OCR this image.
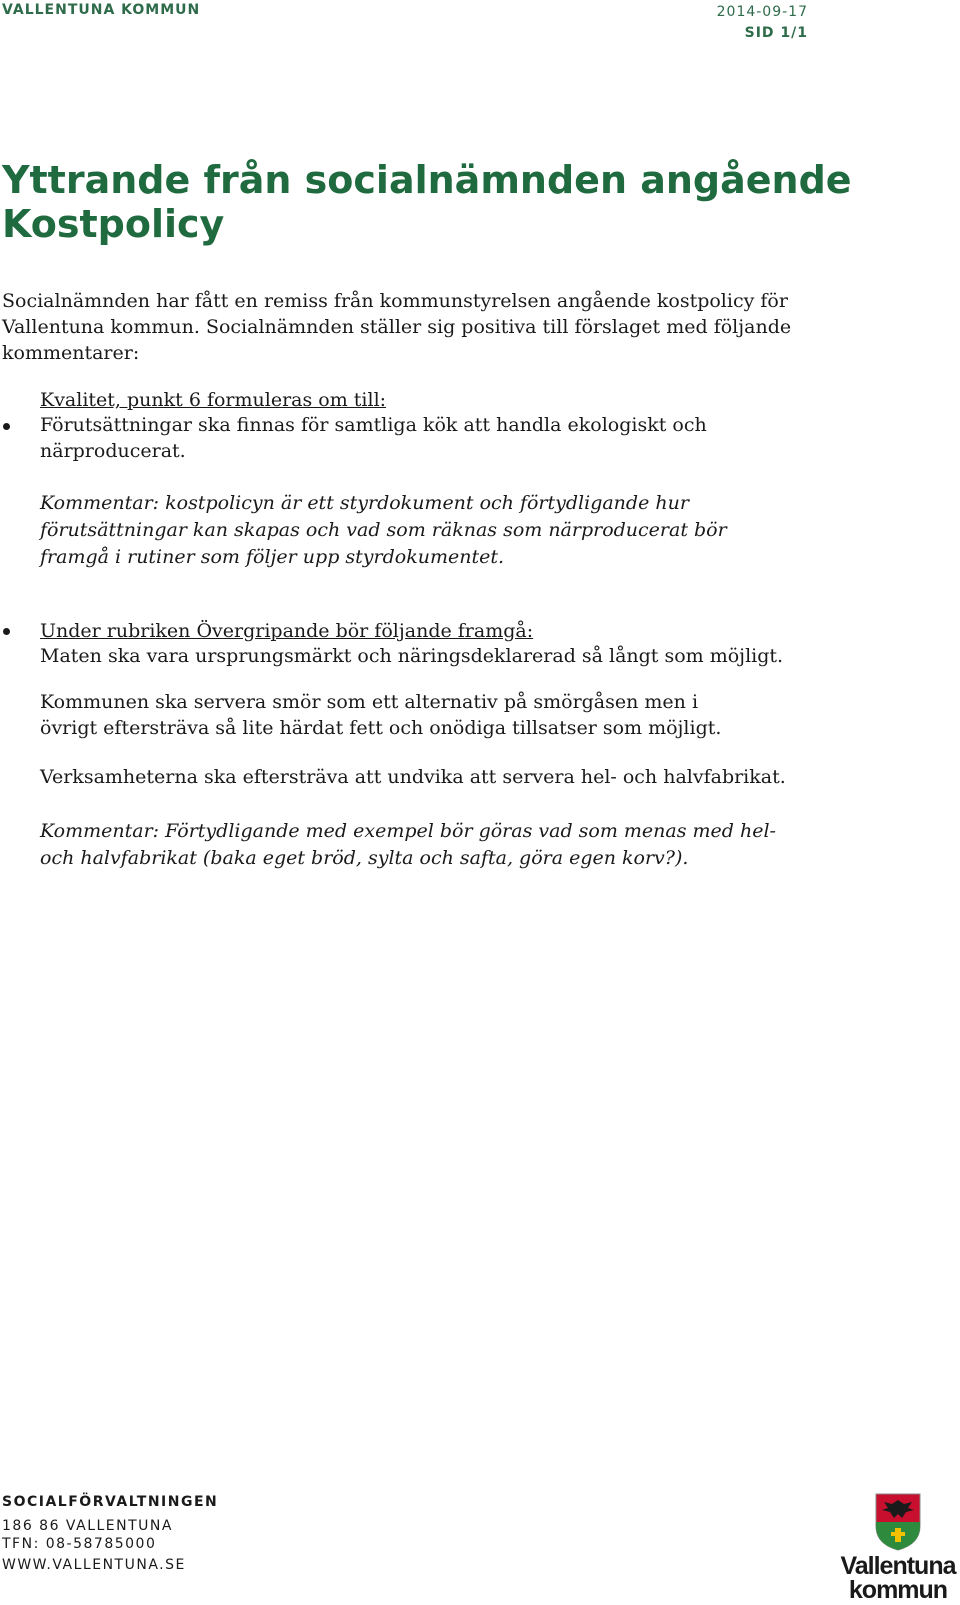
VALLENTUNA KOMMUN	2014-09-17
SID 1/1
Yttrande från socialnämnden angående Kostpolicy

Socialnämnden har fått en remiss från kommunstyrelsen angående kostpolicy för Vallentuna kommun. Socialnämnden ställer sig positiva till förslaget med följande kommentarer:

Kvalitet, punkt 6 formuleras om till:

Förutsättningar ska finnas för samtliga kök att handla ekologiskt och närproducerat.

Kommentar: kostpolicyn är ett styrdokument och förtydligande hur förutsättningar kan skapas och vad som räknas som närproducerat bör framgå i rutiner som följer upp styrdokumentet.

Under rubriken Övergripande bör följande framgå:

Maten ska vara ursprungsmärkt och näringsdeklarerad så långt som möjligt.

Kommunen ska servera smör som ett alternativ på smörgåsen men i övrigt eftersträva så lite härdat fett och onödiga tillsatser som möjligt.

Verksamheterna ska eftersträva att undvika att servera hel- och halvfabrikat.

Kommentar: Förtydligande med exempel bör göras vad som menas med hel- och halvfabrikat (baka eget bröd, sylta och safta, göra egen korv?).

SOCIALFÖRVALTNINGEN
186 86 VALLENTUNA
TFN: 08-58785000
WWW.VALLENTUNA.SE	Vallentuna
kommun
